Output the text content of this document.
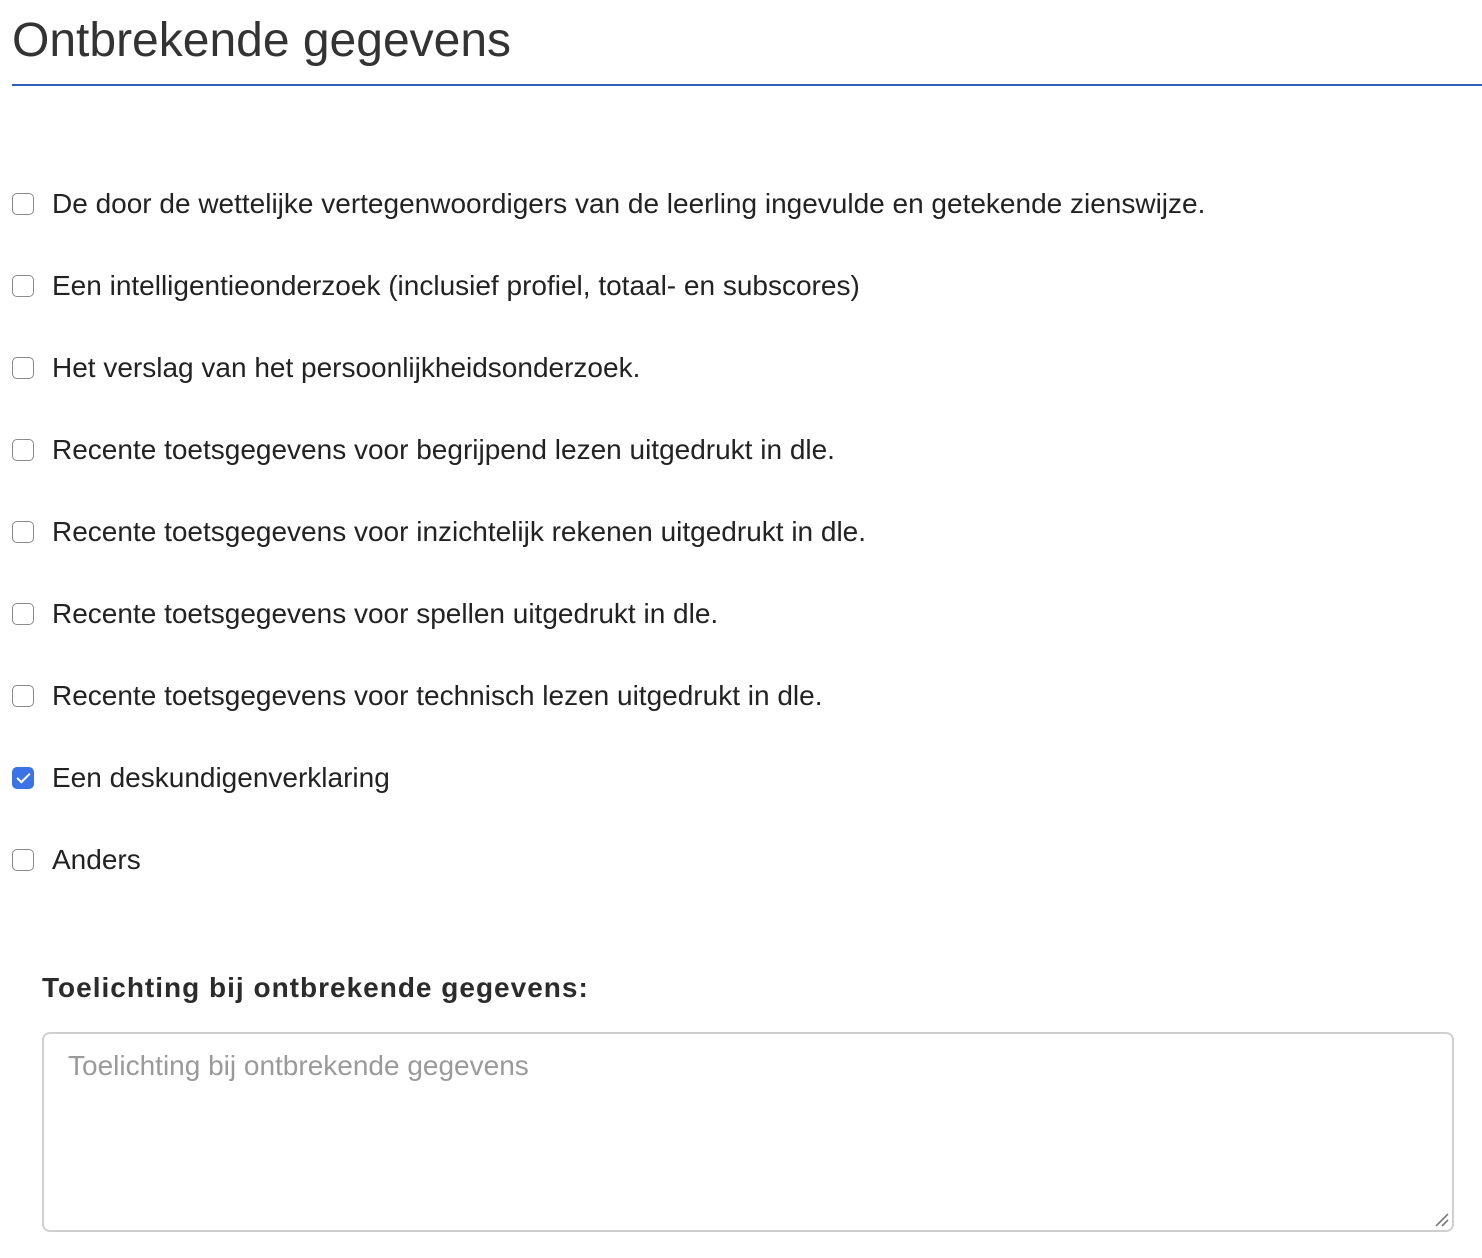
Ontbrekende gegevens
De door de wettelijke vertegenwoordigers van de leerling ingevulde en getekende zienswijze.
Een intelligentieonderzoek (inclusief profiel, totaal- en subscores)
Het verslag van het persoonlijkheidsonderzoek.
Recente toetsgegevens voor begrijpend lezen uitgedrukt in dle.
Recente toetsgegevens voor inzichtelijk rekenen uitgedrukt in dle.
Recente toetsgegevens voor spellen uitgedrukt in dle.
Recente toetsgegevens voor technisch lezen uitgedrukt in dle.
Een deskundigenverklaring
Anders
Toelichting bij ontbrekende gegevens:
Toelichting bij ontbrekende gegevens
